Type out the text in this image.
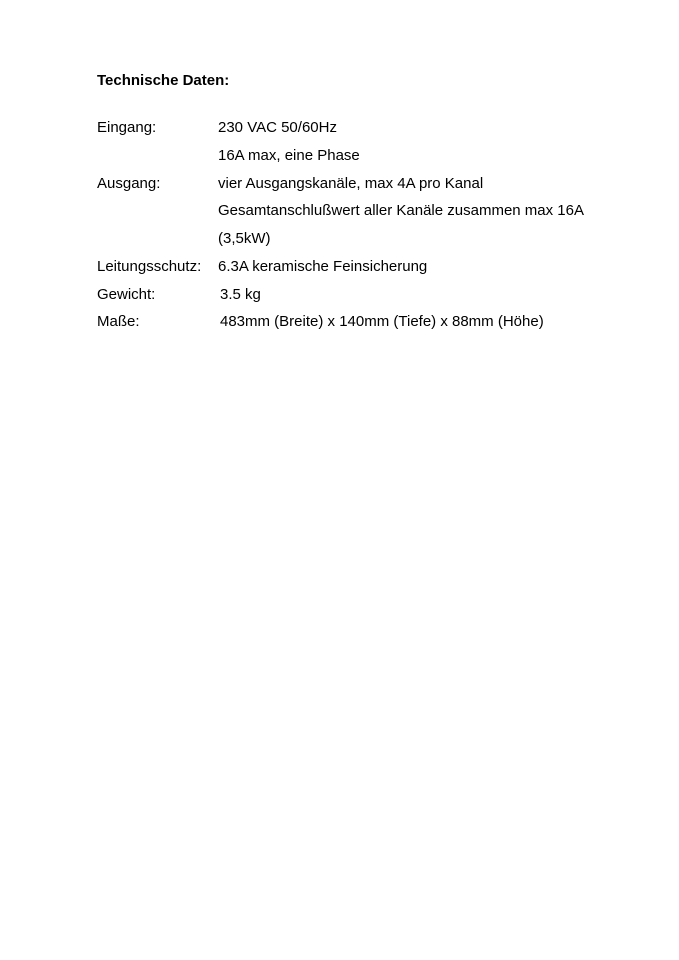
Technische Daten:
Eingang:	230 VAC 50/60Hz
16A max, eine Phase
Ausgang:	vier Ausgangskanäle, max 4A pro Kanal
Gesamtanschlußwert aller Kanäle zusammen max 16A
(3,5kW)
Leitungsschutz: 6.3A keramische Feinsicherung
Gewicht:	3.5 kg
Maße:	483mm (Breite) x 140mm (Tiefe) x 88mm (Höhe)
